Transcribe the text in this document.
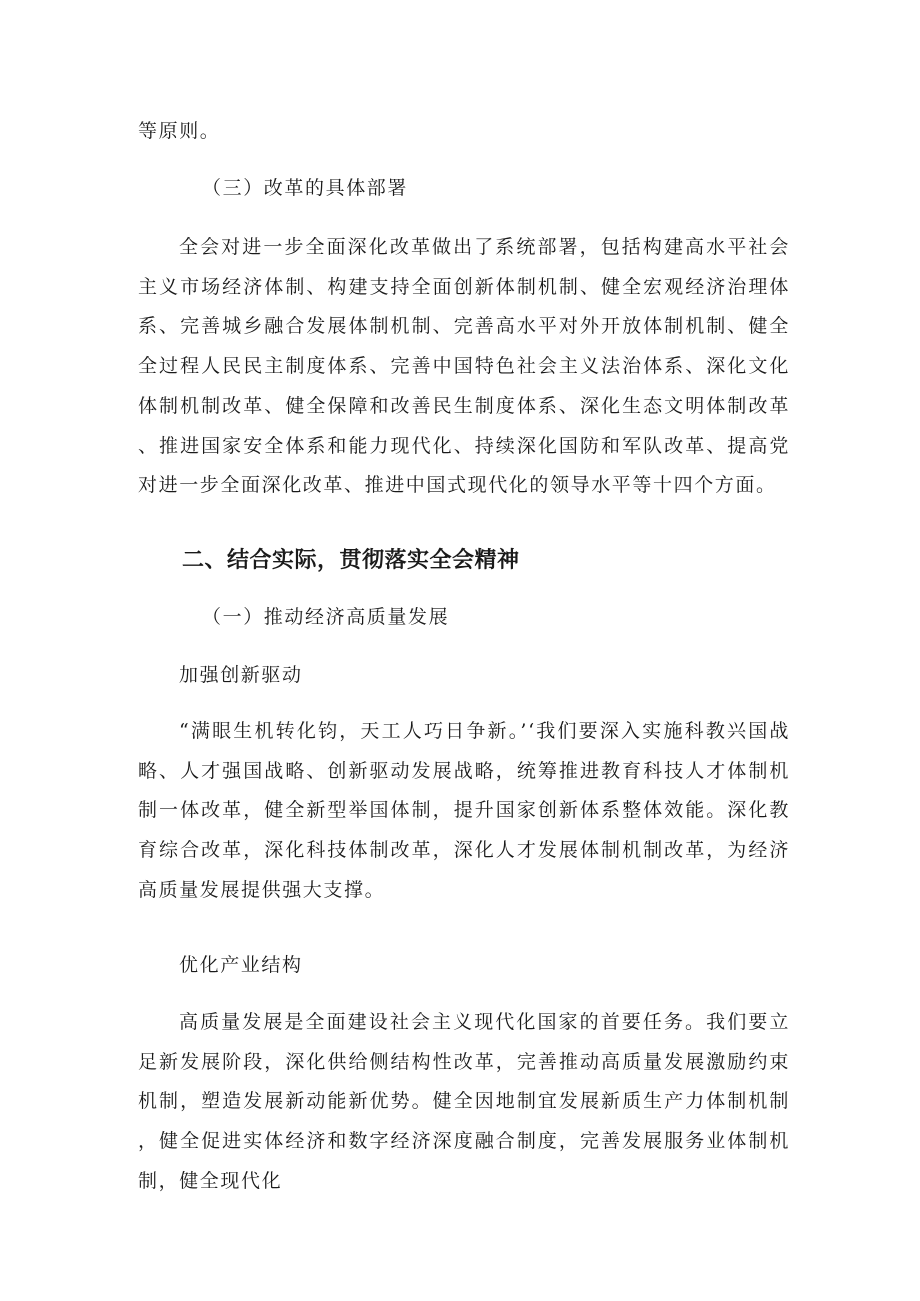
等原则。

（三）改革的具体部署

全会对进一步全面深化改革做出了系统部署，包括构建高水平社会主义市场经济体制、构建支持全面创新体制机制、健全宏观经济治理体系、完善城乡融合发展体制机制、完善高水平对外开放体制机制、健全全过程人民民主制度体系、完善中国特色社会主义法治体系、深化文化体制机制改革、健全保障和改善民生制度体系、深化生态文明体制改革、推进国家安全体系和能力现代化、持续深化国防和军队改革、提高党对进一步全面深化改革、推进中国式现代化的领导水平等十四个方面。

二、结合实际，贯彻落实全会精神

（一）推动经济高质量发展

加强创新驱动

“满眼生机转化钧，天工人巧日争新。’‘我们要深入实施科教兴国战略、人才强国战略、创新驱动发展战略，统筹推进教育科技人才体制机制一体改革，健全新型举国体制，提升国家创新体系整体效能。深化教育综合改革，深化科技体制改革，深化人才发展体制机制改革，为经济高质量发展提供强大支撑。

优化产业结构

高质量发展是全面建设社会主义现代化国家的首要任务。我们要立足新发展阶段，深化供给侧结构性改革，完善推动高质量发展激励约束机制，塑造发展新动能新优势。健全因地制宜发展新质生产力体制机制，健全促进实体经济和数字经济深度融合制度，完善发展服务业体制机制，健全现代化
